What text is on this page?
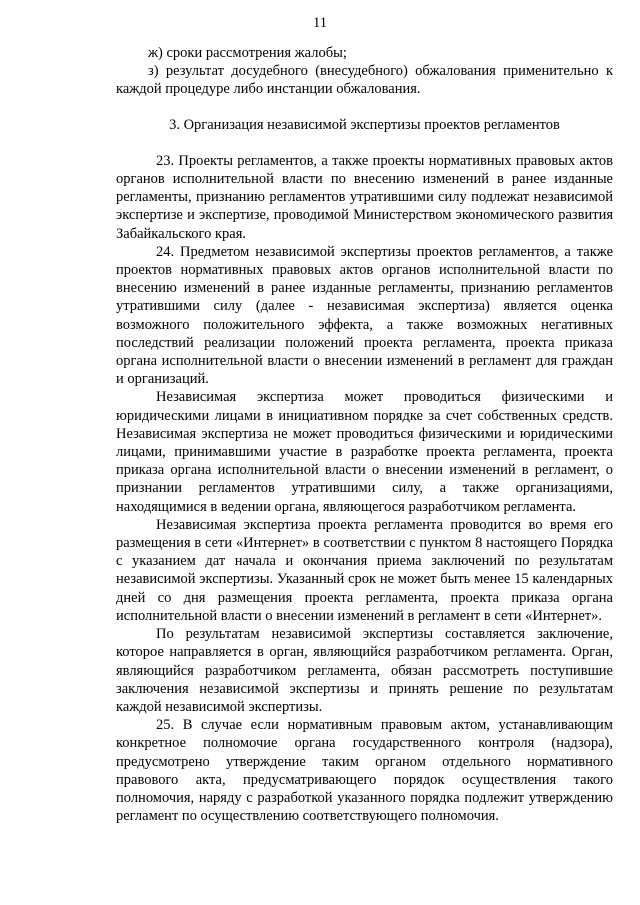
11

ж) сроки рассмотрения жалобы;

з) результат досудебного (внесудебного) обжалования применительно к каждой процедуре либо инстанции обжалования.

3. Организация независимой экспертизы проектов регламентов

23. Проекты регламентов, а также проекты нормативных правовых актов органов исполнительной власти по внесению изменений в ранее изданные регламенты, признанию регламентов утратившими силу подлежат независимой экспертизе и экспертизе, проводимой Министерством экономического развития Забайкальского края.

24. Предметом независимой экспертизы проектов регламентов, а также проектов нормативных правовых актов органов исполнительной власти по внесению изменений в ранее изданные регламенты, признанию регламентов утратившими силу (далее - независимая экспертиза) является оценка возможного положительного эффекта, а также возможных негативных последствий реализации положений проекта регламента, проекта приказа органа исполнительной власти о внесении изменений в регламент для граждан и организаций.

Независимая экспертиза может проводиться физическими и юридическими лицами в инициативном порядке за счет собственных средств. Независимая экспертиза не может проводиться физическими и юридическими лицами, принимавшими участие в разработке проекта регламента, проекта приказа органа исполнительной власти о внесении изменений в регламент, о признании регламентов утратившими силу, а также организациями, находящимися в ведении органа, являющегося разработчиком регламента.

Независимая экспертиза проекта регламента проводится во время его размещения в сети «Интернет» в соответствии с пунктом 8 настоящего Порядка с указанием дат начала и окончания приема заключений по результатам независимой экспертизы. Указанный срок не может быть менее 15 календарных дней со дня размещения проекта регламента, проекта приказа органа исполнительной власти о внесении изменений в регламент в сети «Интернет».

По результатам независимой экспертизы составляется заключение, которое направляется в орган, являющийся разработчиком регламента. Орган, являющийся разработчиком регламента, обязан рассмотреть поступившие заключения независимой экспертизы и принять решение по результатам каждой независимой экспертизы.

25. В случае если нормативным правовым актом, устанавливающим конкретное полномочие органа государственного контроля (надзора), предусмотрено утверждение таким органом отдельного нормативного правового акта, предусматривающего порядок осуществления такого полномочия, наряду с разработкой указанного порядка подлежит утверждению регламент по осуществлению соответствующего полномочия.
